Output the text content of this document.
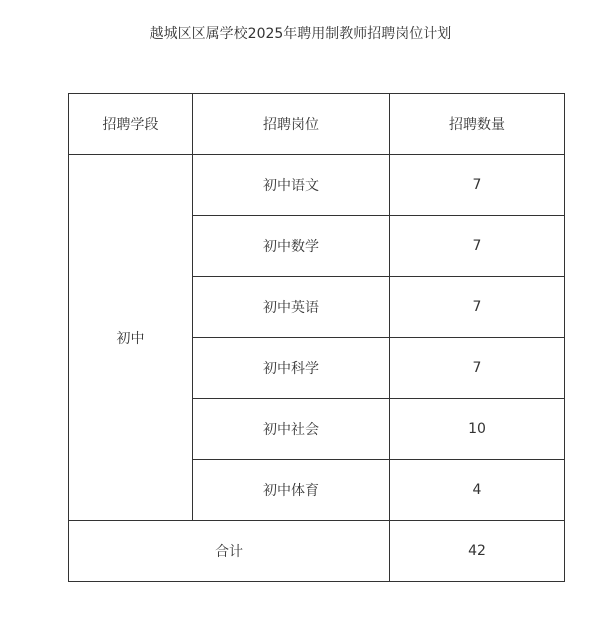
越城区区属学校2025年聘用制教师招聘岗位计划
招聘学段	招聘岗位	招聘数量
初中	初中语文	7
	初中数学	7
	初中英语	7
	初中科学	7
	初中社会	10
	初中体育	4
合计		42
